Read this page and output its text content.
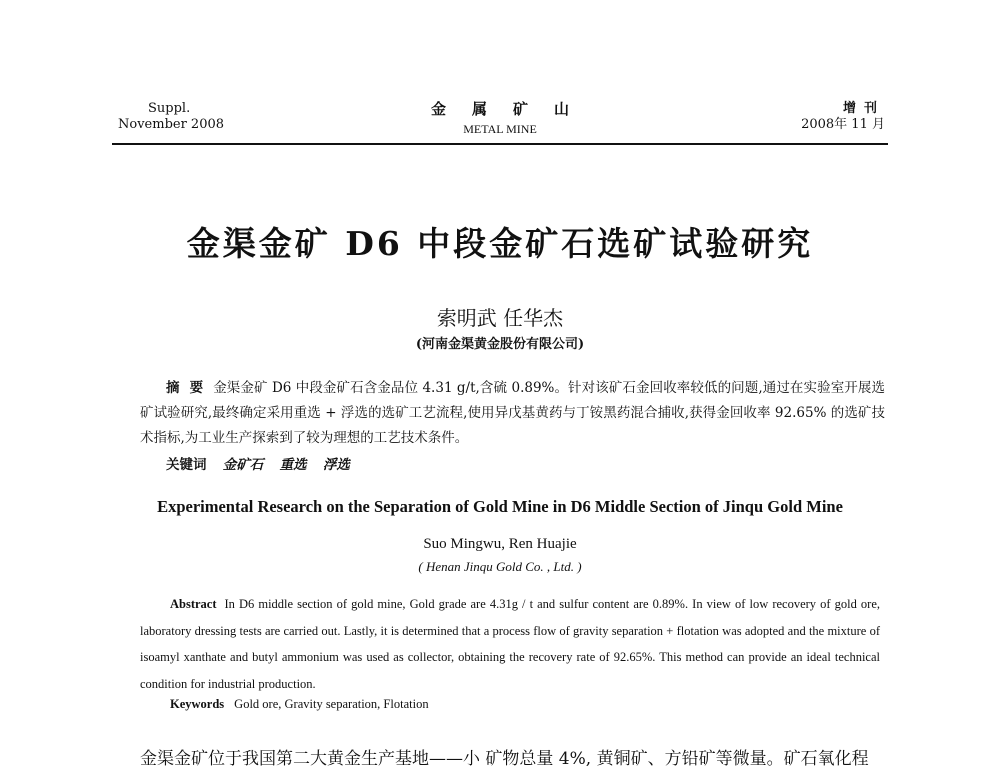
Suppl.
November 2008
金属矿山
METAL MINE
增刊
2008年 11 月
金渠金矿 D6 中段金矿石选矿试验研究
索明武 任华杰
(河南金渠黄金股份有限公司)
摘要金渠金矿 D6 中段金矿石含金品位 4.31 g/t,含硫 0.89%。针对该矿石金回收率较低的问题,通过在实验室开展选矿试验研究,最终确定采用重选 + 浮选的选矿工艺流程,使用异戊基黄药与丁铵黑药混合捕收,获得金回收率 92.65% 的选矿技术指标,为工业生产探索到了较为理想的工艺技术条件。
关键词 金矿石 重选 浮选
Experimental Research on the Separation of Gold Mine in D6 Middle Section of Jinqu Gold Mine
Suo Mingwu, Ren Huajie
( Henan Jinqu Gold Co. , Ltd. )
Abstract In D6 middle section of gold mine, Gold grade are 4.31g / t and sulfur content are 0.89%. In view of low recovery of gold ore, laboratory dressing tests are carried out. Lastly, it is determined that a process flow of gravity separation + flotation was adopted and the mixture of isoamyl xanthate and butyl ammonium was used as collector, obtaining the recovery rate of 92.65%. This method can provide an ideal technical condition for industrial production.
Keywords Gold ore, Gravity separation, Flotation
金渠金矿位于我国第二大黄金生产基地——小 矿物总量 4%, 黄铜矿、方铅矿等微量。矿石氧化程
